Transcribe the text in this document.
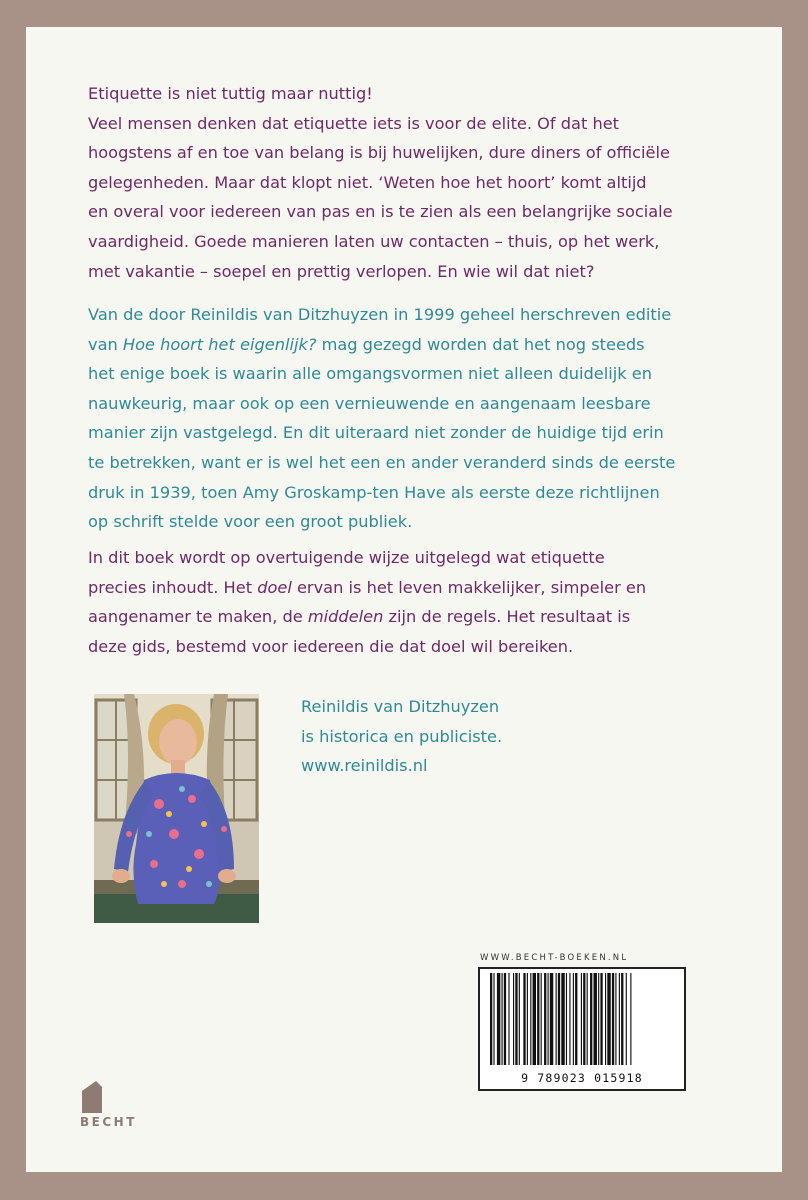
Etiquette is niet tuttig maar nuttig!
Veel mensen denken dat etiquette iets is voor de elite. Of dat het
hoogstens af en toe van belang is bij huwelijken, dure diners of officiële
gelegenheden. Maar dat klopt niet. ‘Weten hoe het hoort’ komt altijd
en overal voor iedereen van pas en is te zien als een belangrijke sociale
vaardigheid. Goede manieren laten uw contacten – thuis, op het werk,
met vakantie – soepel en prettig verlopen. En wie wil dat niet?
Van de door Reinildis van Ditzhuyzen in 1999 geheel herschreven editie
van Hoe hoort het eigenlijk? mag gezegd worden dat het nog steeds
het enige boek is waarin alle omgangsvormen niet alleen duidelijk en
nauwkeurig, maar ook op een vernieuwende en aangenaam leesbare
manier zijn vastgelegd. En dit uiteraard niet zonder de huidige tijd erin
te betrekken, want er is wel het een en ander veranderd sinds de eerste
druk in 1939, toen Amy Groskamp-ten Have als eerste deze richtlijnen
op schrift stelde voor een groot publiek.
In dit boek wordt op overtuigende wijze uitgelegd wat etiquette
precies inhoudt. Het doel ervan is het leven makkelijker, simpeler en
aangenamer te maken, de middelen zijn de regels. Het resultaat is
deze gids, bestemd voor iedereen die dat doel wil bereiken.
Reinildis van Ditzhuyzen
is historica en publiciste.
www.reinildis.nl
WWW.BECHT-BOEKEN.NL
9 789023 015918
BECHT
